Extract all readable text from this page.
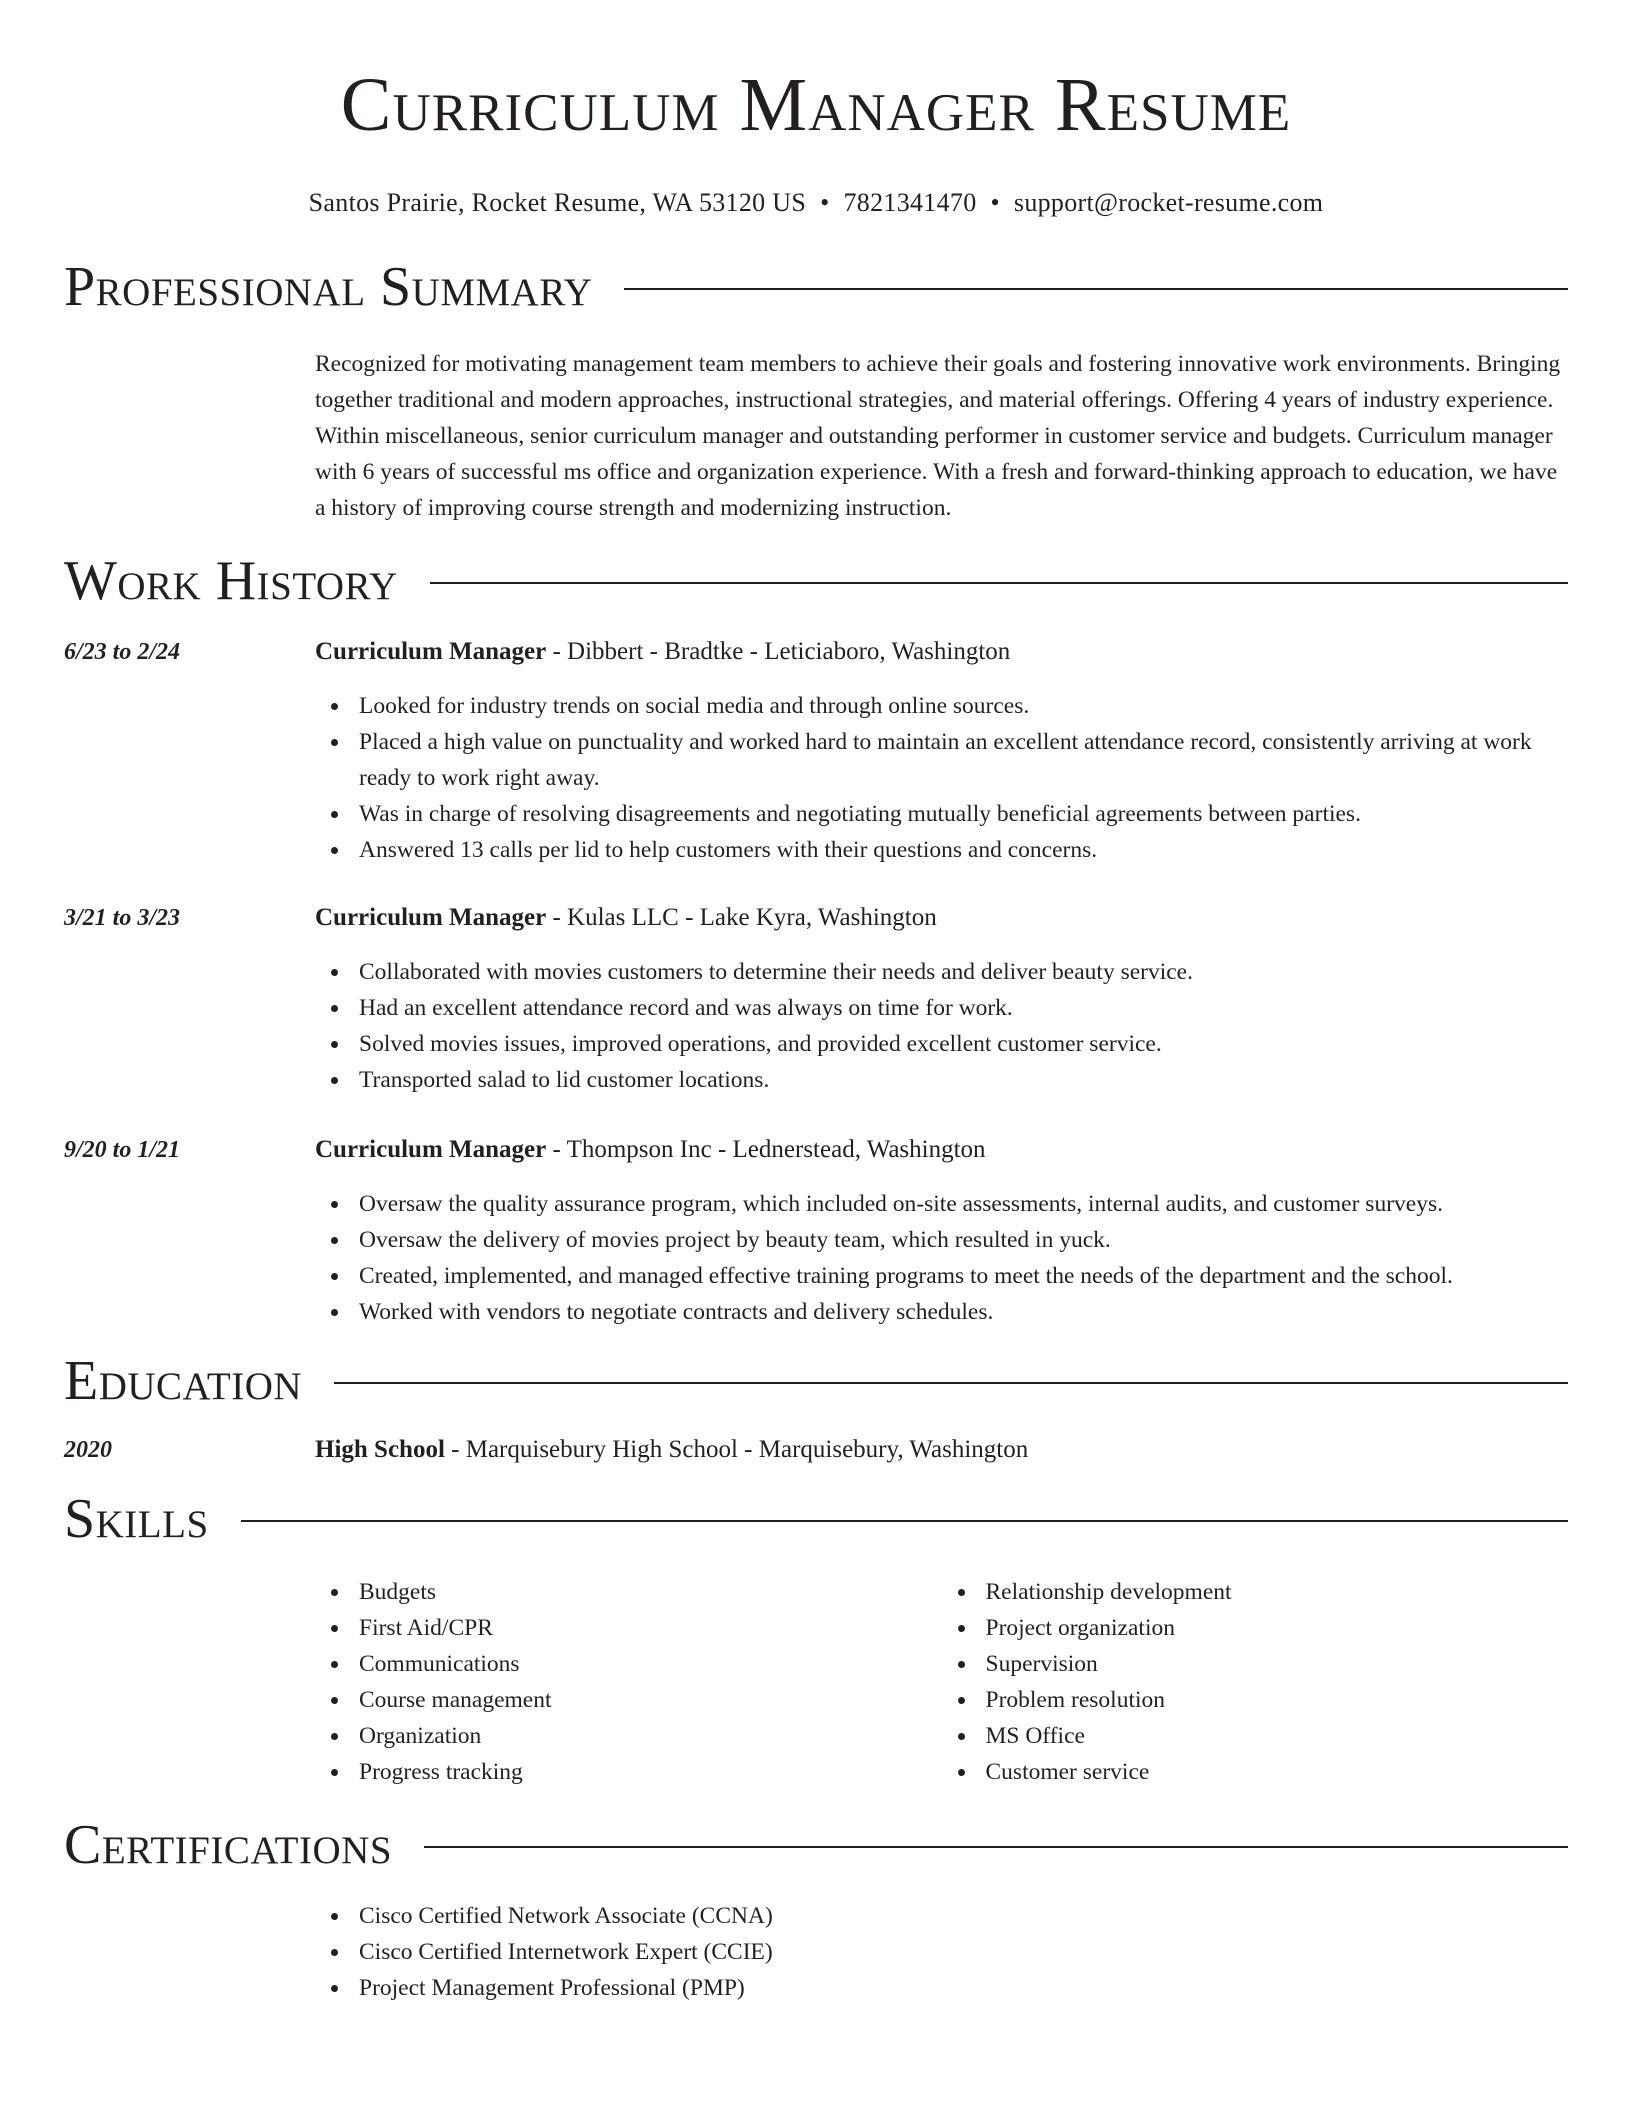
Curriculum Manager Resume
Santos Prairie, Rocket Resume, WA 53120 US • 7821341470 • support@rocket-resume.com
Professional Summary

Recognized for motivating management team members to achieve their goals and fostering innovative work environments. Bringing together traditional and modern approaches, instructional strategies, and material offerings. Offering 4 years of industry experience. Within miscellaneous, senior curriculum manager and outstanding performer in customer service and budgets. Curriculum manager with 6 years of successful ms office and organization experience. With a fresh and forward-thinking approach to education, we have a history of improving course strength and modernizing instruction.

Work History
6/23 to 2/24	Curriculum Manager - Dibbert - Bradtke - Leticiaboro, Washington
Looked for industry trends on social media and through online sources.
Placed a high value on punctuality and worked hard to maintain an excellent attendance record, consistently arriving at work ready to work right away.
Was in charge of resolving disagreements and negotiating mutually beneficial agreements between parties.
Answered 13 calls per lid to help customers with their questions and concerns.
3/21 to 3/23	Curriculum Manager - Kulas LLC - Lake Kyra, Washington
Collaborated with movies customers to determine their needs and deliver beauty service.
Had an excellent attendance record and was always on time for work.
Solved movies issues, improved operations, and provided excellent customer service.
Transported salad to lid customer locations.
9/20 to 1/21	Curriculum Manager - Thompson Inc - Lednerstead, Washington
Oversaw the quality assurance program, which included on-site assessments, internal audits, and customer surveys.
Oversaw the delivery of movies project by beauty team, which resulted in yuck.
Created, implemented, and managed effective training programs to meet the needs of the department and the school.
Worked with vendors to negotiate contracts and delivery schedules.
Education
2020	High School - Marquisebury High School - Marquisebury, Washington
Skills
Budgets
First Aid/CPR
Communications
Course management
Organization
Progress tracking
Relationship development
Project organization
Supervision
Problem resolution
MS Office
Customer service
Certifications
Cisco Certified Network Associate (CCNA)
Cisco Certified Internetwork Expert (CCIE)
Project Management Professional (PMP)
